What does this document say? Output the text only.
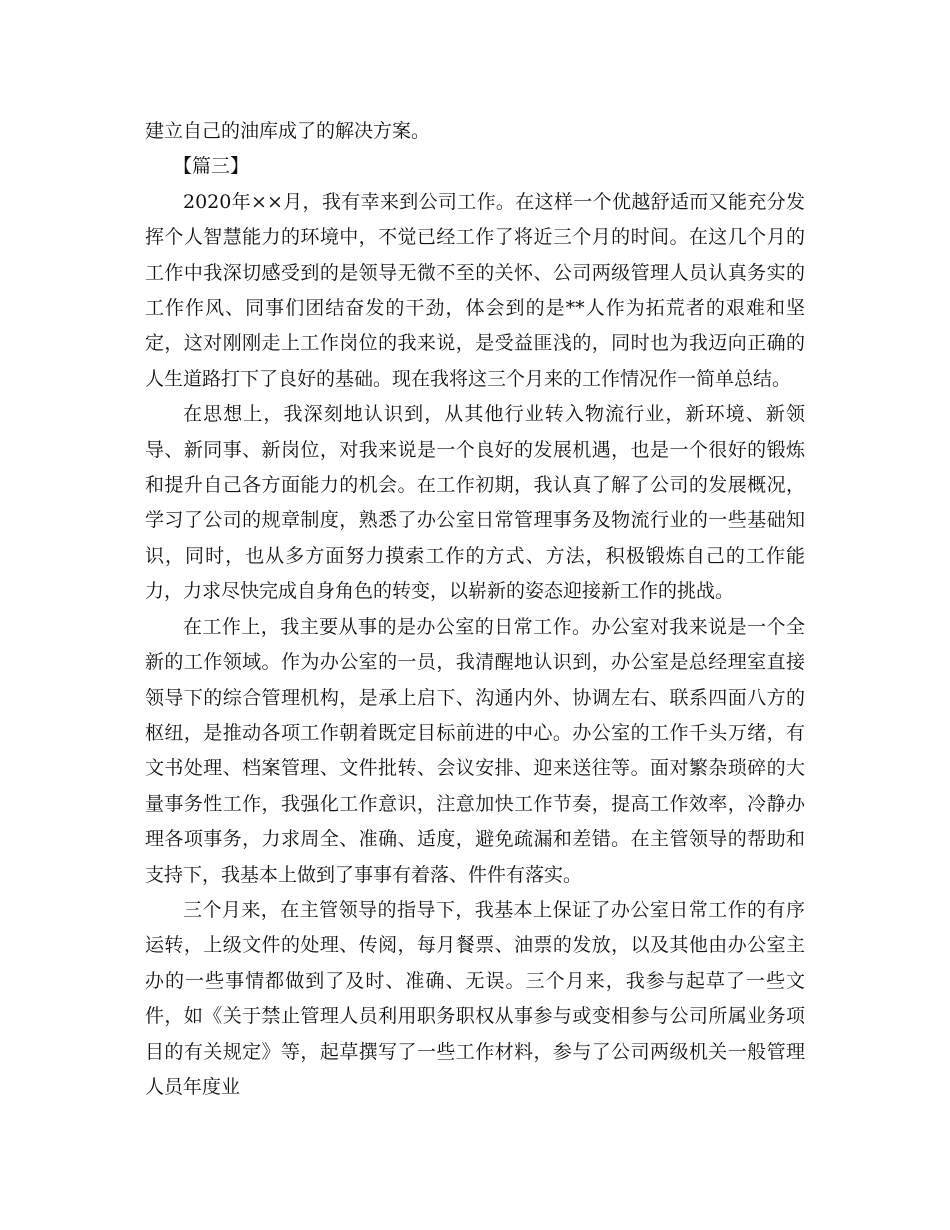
建立自己的油库成了的解决方案。

【篇三】

2020年××月，我有幸来到公司工作。在这样一个优越舒适而又能充分发挥个人智慧能力的环境中，不觉已经工作了将近三个月的时间。在这几个月的工作中我深切感受到的是领导无微不至的关怀、公司两级管理人员认真务实的工作作风、同事们团结奋发的干劲，体会到的是**人作为拓荒者的艰难和坚定，这对刚刚走上工作岗位的我来说，是受益匪浅的，同时也为我迈向正确的人生道路打下了良好的基础。现在我将这三个月来的工作情况作一简单总结。

在思想上，我深刻地认识到，从其他行业转入物流行业，新环境、新领导、新同事、新岗位，对我来说是一个良好的发展机遇，也是一个很好的锻炼和提升自己各方面能力的机会。在工作初期，我认真了解了公司的发展概况，学习了公司的规章制度，熟悉了办公室日常管理事务及物流行业的一些基础知识，同时，也从多方面努力摸索工作的方式、方法，积极锻炼自己的工作能力，力求尽快完成自身角色的转变，以崭新的姿态迎接新工作的挑战。

在工作上，我主要从事的是办公室的日常工作。办公室对我来说是一个全新的工作领域。作为办公室的一员，我清醒地认识到，办公室是总经理室直接领导下的综合管理机构，是承上启下、沟通内外、协调左右、联系四面八方的枢纽，是推动各项工作朝着既定目标前进的中心。办公室的工作千头万绪，有文书处理、档案管理、文件批转、会议安排、迎来送往等。面对繁杂琐碎的大量事务性工作，我强化工作意识，注意加快工作节奏，提高工作效率，冷静办理各项事务，力求周全、准确、适度，避免疏漏和差错。在主管领导的帮助和支持下，我基本上做到了事事有着落、件件有落实。

三个月来，在主管领导的指导下，我基本上保证了办公室日常工作的有序运转，上级文件的处理、传阅，每月餐票、油票的发放，以及其他由办公室主办的一些事情都做到了及时、准确、无误。三个月来，我参与起草了一些文件，如《关于禁止管理人员利用职务职权从事参与或变相参与公司所属业务项目的有关规定》等，起草撰写了一些工作材料，参与了公司两级机关一般管理人员年度业
